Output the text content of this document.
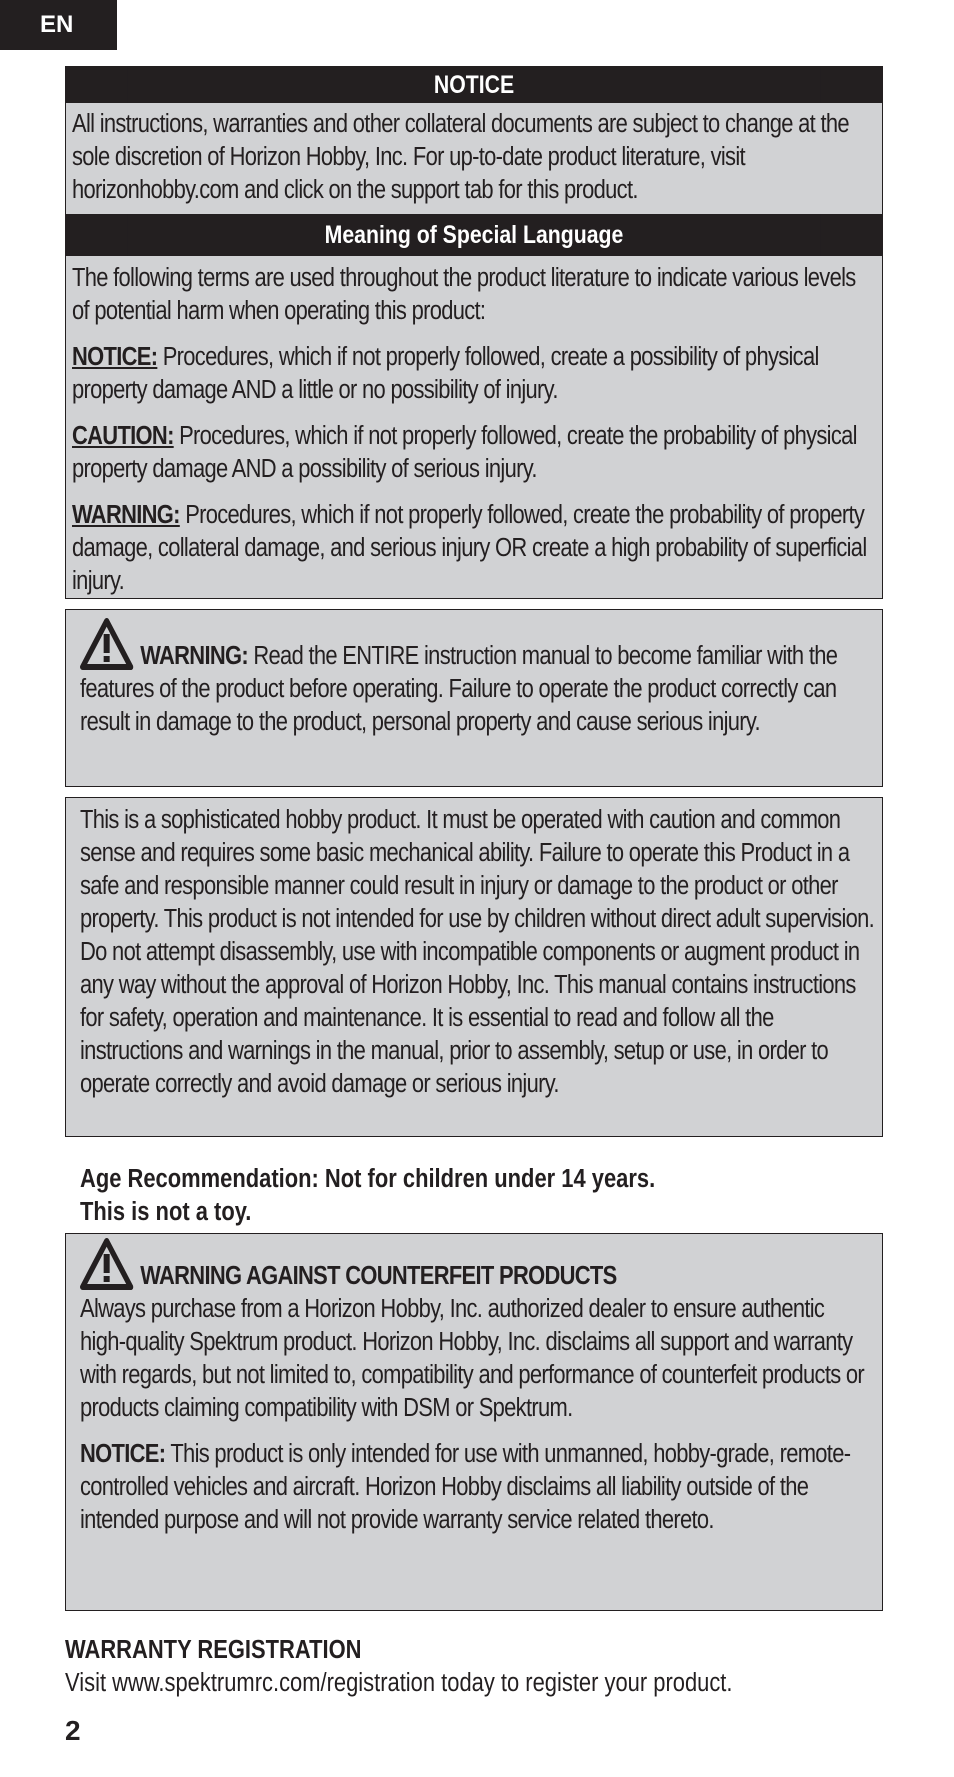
EN
NOTICE
All instructions, warranties and other collateral documents are subject to change at the sole discretion of Horizon Hobby, Inc. For up-to-date product literature, visit horizonhobby.com and click on the support tab for this product.
Meaning of Special Language
The following terms are used throughout the product literature to indicate various levels of potential harm when operating this product:
NOTICE: Procedures, which if not properly followed, create a possibility of physical property damage AND a little or no possibility of injury.
CAUTION: Procedures, which if not properly followed, create the probability of physical property damage AND a possibility of serious injury.
WARNING: Procedures, which if not properly followed, create the probability of property damage, collateral damage, and serious injury OR create a high probability of superficial injury.
WARNING: Read the ENTIRE instruction manual to become familiar with the features of the product before operating. Failure to operate the product correctly can result in damage to the product, personal property and cause serious injury.
This is a sophisticated hobby product. It must be operated with caution and common sense and requires some basic mechanical ability. Failure to operate this Product in a safe and responsible manner could result in injury or damage to the product or other property. This product is not intended for use by children without direct adult supervision. Do not attempt disassembly, use with incompatible components or augment product in any way without the approval of Horizon Hobby, Inc. This manual contains instructions for safety, operation and maintenance. It is essential to read and follow all the instructions and warnings in the manual, prior to assembly, setup or use, in order to operate correctly and avoid damage or serious injury.
Age Recommendation: Not for children under 14 years.
This is not a toy.
WARNING AGAINST COUNTERFEIT PRODUCTS
Always purchase from a Horizon Hobby, Inc. authorized dealer to ensure authentic high-quality Spektrum product. Horizon Hobby, Inc. disclaims all support and warranty with regards, but not limited to, compatibility and performance of counterfeit products or products claiming compatibility with DSM or Spektrum.
NOTICE: This product is only intended for use with unmanned, hobby-grade, remote-controlled vehicles and aircraft. Horizon Hobby disclaims all liability outside of the intended purpose and will not provide warranty service related thereto.
WARRANTY REGISTRATION
Visit www.spektrumrc.com/registration today to register your product.
2
